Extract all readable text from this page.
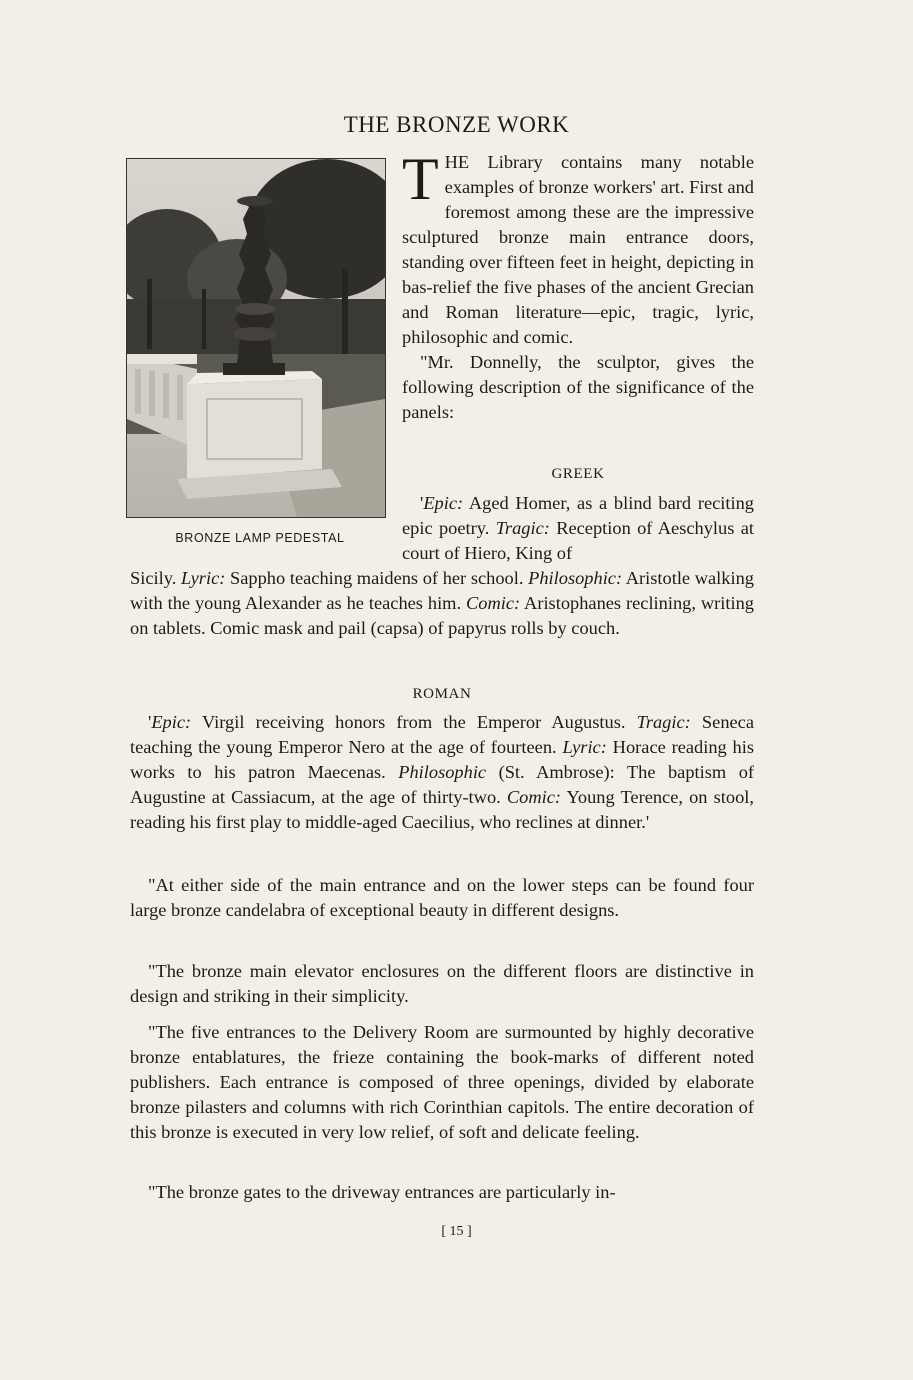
THE BRONZE WORK
BRONZE LAMP PEDESTAL
T HE Library contains many notable examples of bronze workers' art. First and foremost among these are the impressive sculptured bronze main entrance doors, standing over fifteen feet in height, depicting in bas-relief the five phases of the ancient Grecian and Roman literature—epic, tragic, lyric, philosophic and comic.

"Mr. Donnelly, the sculptor, gives the following description of the significance of the panels:

GREEK

'Epic: Aged Homer, as a blind bard reciting epic poetry. Tragic: Reception of Aeschylus at court of Hiero, King of

Sicily. Lyric: Sappho teaching maidens of her school. Philosophic: Aristotle walking with the young Alexander as he teaches him. Comic: Aristophanes reclining, writing on tablets. Comic mask and pail (capsa) of papyrus rolls by couch.

ROMAN

'Epic: Virgil receiving honors from the Emperor Augustus. Tragic: Seneca teaching the young Emperor Nero at the age of fourteen. Lyric: Horace reading his works to his patron Maecenas. Philosophic (St. Ambrose): The baptism of Augustine at Cassiacum, at the age of thirty-two. Comic: Young Terence, on stool, reading his first play to middle-aged Caecilius, who reclines at dinner.'

"At either side of the main entrance and on the lower steps can be found four large bronze candelabra of exceptional beauty in different designs.

"The bronze main elevator enclosures on the different floors are distinctive in design and striking in their simplicity.

"The five entrances to the Delivery Room are surmounted by highly decorative bronze entablatures, the frieze containing the book-marks of different noted publishers. Each entrance is composed of three openings, divided by elaborate bronze pilasters and columns with rich Corinthian capitols. The entire decoration of this bronze is executed in very low relief, of soft and delicate feeling.

"The bronze gates to the driveway entrances are particularly in-

[ 15 ]
